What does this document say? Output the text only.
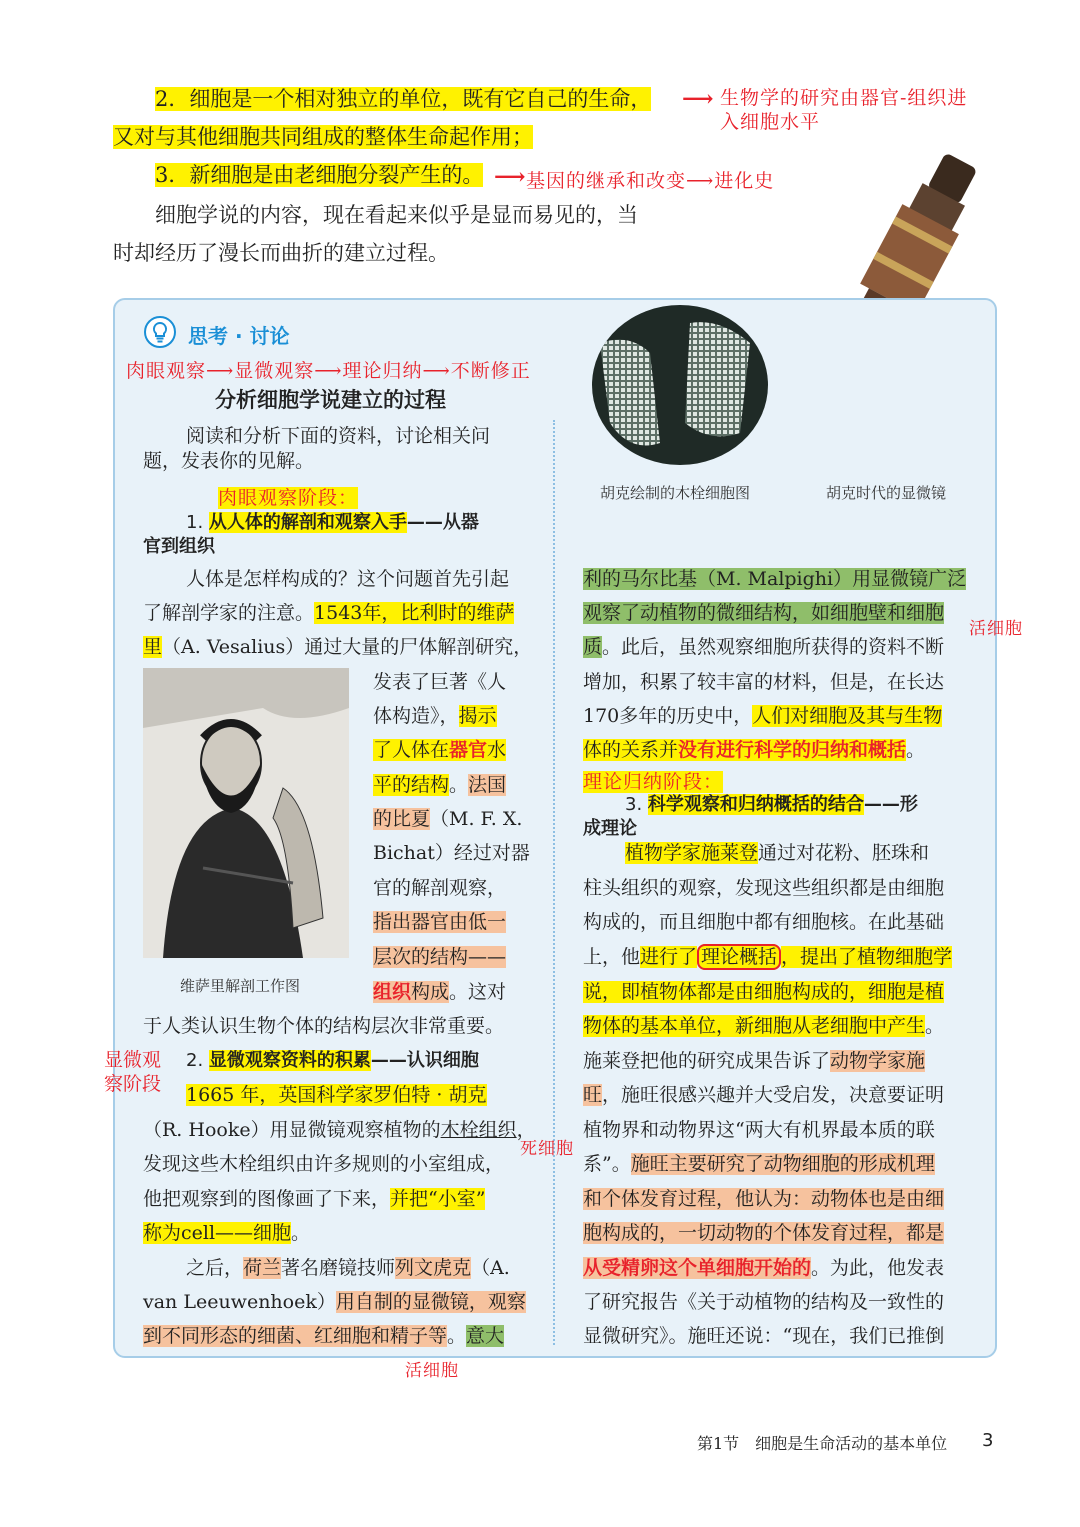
2．细胞是一个相对独立的单位，既有它自己的生命， ⟶ 生物学的研究由器官-组织进
入细胞水平
又对与其他细胞共同组成的整体生命起作用；
3．新细胞是由老细胞分裂产生的。 ⟶ 基因的继承和改变⟶进化史
细胞学说的内容，现在看起来似乎是显而易见的，当
时却经历了漫长而曲折的建立过程。
思考 · 讨论
肉眼观察⟶显微观察⟶理论归纳⟶不断修正
分析细胞学说建立的过程
阅读和分析下面的资料，讨论相关问
题，发表你的见解。
胡克绘制的木栓细胞图	胡克时代的显微镜
肉眼观察阶段：
1. 从人体的解剖和观察入手——从器
官到组织
人体是怎样构成的？这个问题首先引起
了解剖学家的注意。1543年，比利时的维萨
里（A. Vesalius）通过大量的尸体解剖研究，
维萨里解剖工作图
发表了巨著《人
体构造》，揭示
了人体在器官水
平的结构。法国
的比夏（M. F. X.
Bichat）经过对器
官的解剖观察，
指出器官由低一
层次的结构——
组织构成。这对
于人类认识生物个体的结构层次非常重要。
显微观
察阶段
2. 显微观察资料的积累——认识细胞
1665 年，英国科学家罗伯特 · 胡克
（R. Hooke）用显微镜观察植物的木栓组织，
死细胞
发现这些木栓组织由许多规则的小室组成，
他把观察到的图像画了下来，并把“小室”
称为cell——细胞。
之后，荷兰著名磨镜技师列文虎克（A.
van Leeuwenhoek）用自制的显微镜，观察
到不同形态的细菌、红细胞和精子等。意大
活细胞
利的马尔比基（M. Malpighi）用显微镜广泛
观察了动植物的微细结构，如细胞壁和细胞
活细胞
质。此后，虽然观察细胞所获得的资料不断
增加，积累了较丰富的材料，但是，在长达
170多年的历史中，人们对细胞及其与生物
体的关系并没有进行科学的归纳和概括。
理论归纳阶段：
3. 科学观察和归纳概括的结合——形
成理论
植物学家施莱登通过对花粉、胚珠和
柱头组织的观察，发现这些组织都是由细胞
构成的，而且细胞中都有细胞核。在此基础
上，他进行了 理论概括 ，提出了植物细胞学
说，即植物体都是由细胞构成的，细胞是植
物体的基本单位，新细胞从老细胞中产生。
施莱登把他的研究成果告诉了动物学家施
旺，施旺很感兴趣并大受启发，决意要证明
植物界和动物界这“两大有机界最本质的联
系”。施旺主要研究了动物细胞的形成机理
和个体发育过程，他认为：动物体也是由细
胞构成的，一切动物的个体发育过程，都是
从受精卵这个单细胞开始的。为此，他发表
了研究报告《关于动植物的结构及一致性的
显微研究》。施旺还说：“现在，我们已推倒
第1节　细胞是生命活动的基本单位 3
